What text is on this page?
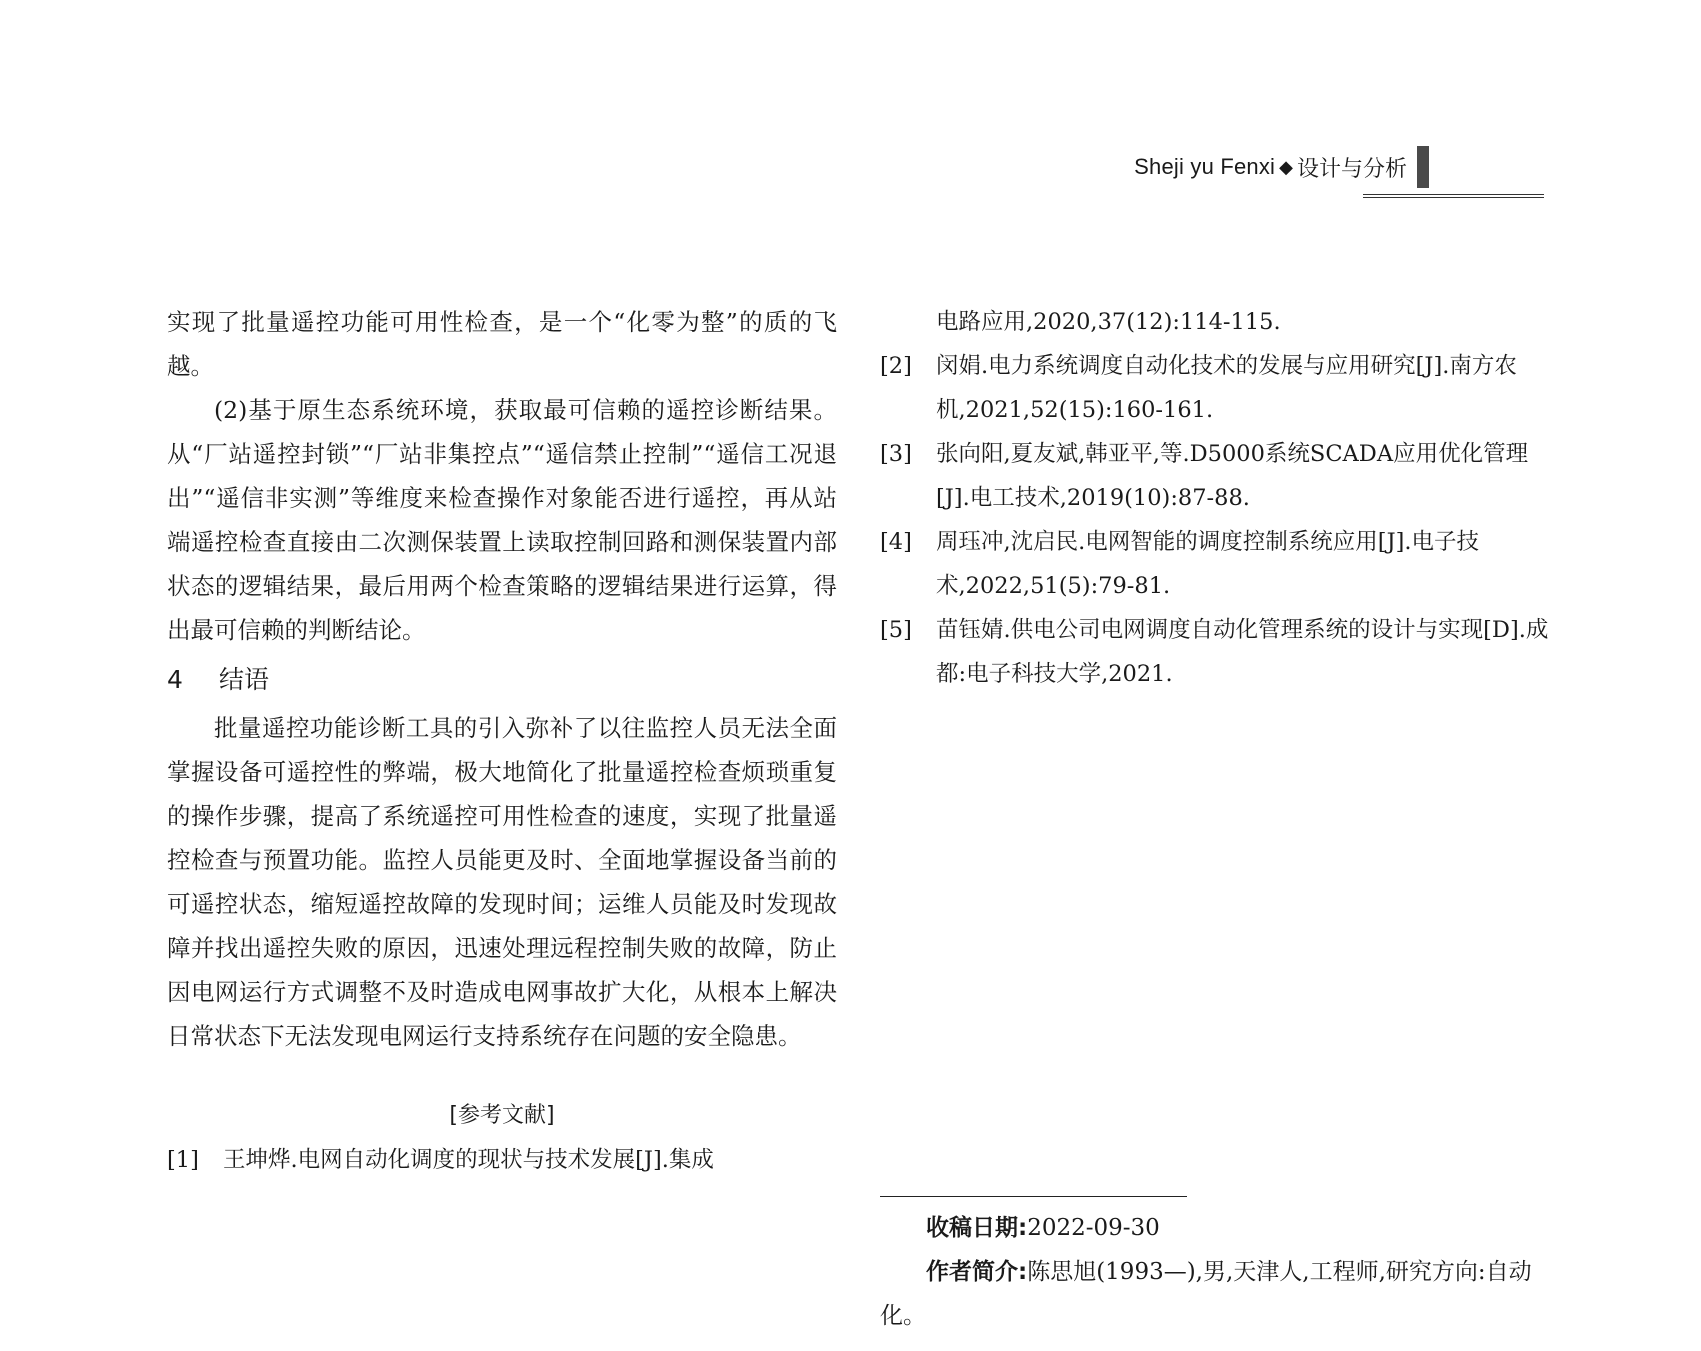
Sheji yu Fenxi ◆ 设计与分析

实现了批量遥控功能可用性检查，是一个“化零为整”的质的飞越。

(2)基于原生态系统环境，获取最可信赖的遥控诊断结果。从“厂站遥控封锁”“厂站非集控点”“遥信禁止控制”“遥信工况退出”“遥信非实测”等维度来检查操作对象能否进行遥控，再从站端遥控检查直接由二次测保装置上读取控制回路和测保装置内部状态的逻辑结果，最后用两个检查策略的逻辑结果进行运算，得出最可信赖的判断结论。

4 结语

批量遥控功能诊断工具的引入弥补了以往监控人员无法全面掌握设备可遥控性的弊端，极大地简化了批量遥控检查烦琐重复的操作步骤，提高了系统遥控可用性检查的速度，实现了批量遥控检查与预置功能。监控人员能更及时、全面地掌握设备当前的可遥控状态，缩短遥控故障的发现时间；运维人员能及时发现故障并找出遥控失败的原因，迅速处理远程控制失败的故障，防止因电网运行方式调整不及时造成电网事故扩大化，从根本上解决日常状态下无法发现电网运行支持系统存在问题的安全隐患。

[参考文献]

[1] 王坤烨.电网自动化调度的现状与技术发展[J].集成

电路应用,2020,37(12):114-115.

[2] 闵娟.电力系统调度自动化技术的发展与应用研究[J].南方农机,2021,52(15):160-161.

[3] 张向阳,夏友斌,韩亚平,等.D5000系统SCADA应用优化管理[J].电工技术,2019(10):87-88.

[4] 周珏冲,沈启民.电网智能的调度控制系统应用[J].电子技术,2022,51(5):79-81.

[5] 苗钰婧.供电公司电网调度自动化管理系统的设计与实现[D].成都:电子科技大学,2021.

收稿日期:2022-09-30

作者简介:陈思旭(1993—),男,天津人,工程师,研究方向:自动化。
